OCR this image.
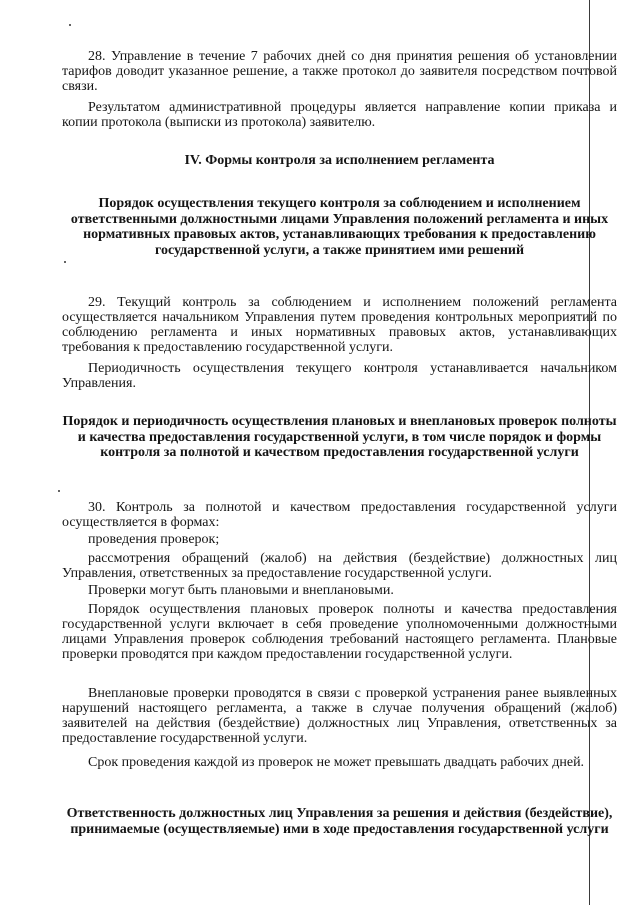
28. Управление в течение 7 рабочих дней со дня принятия решения об установлении тарифов доводит указанное решение, а также протокол до заявителя посредством почтовой связи.

Результатом административной процедуры является направление копии приказа и копии протокола (выписки из протокола) заявителю.

IV. Формы контроля за исполнением регламента
Порядок осуществления текущего контроля за соблюдением и исполнением ответственными должностными лицами Управления положений регламента и иных нормативных правовых актов, устанавливающих требования к предоставлению государственной услуги, а также принятием ими решений

29. Текущий контроль за соблюдением и исполнением положений регламента осуществляется начальником Управления путем проведения контрольных мероприятий по соблюдению регламента и иных нормативных правовых актов, устанавливающих требования к предоставлению государственной услуги.

Периодичность осуществления текущего контроля устанавливается начальником Управления.

Порядок и периодичность осуществления плановых и внеплановых проверок полноты и качества предоставления государственной услуги, в том числе порядок и формы контроля за полнотой и качеством предоставления государственной услуги

30. Контроль за полнотой и качеством предоставления государственной услуги осуществляется в формах:

проведения проверок;

рассмотрения обращений (жалоб) на действия (бездействие) должностных лиц Управления, ответственных за предоставление государственной услуги.

Проверки могут быть плановыми и внеплановыми.

Порядок осуществления плановых проверок полноты и качества предоставления государственной услуги включает в себя проведение уполномоченными должностными лицами Управления проверок соблюдения требований настоящего регламента. Плановые проверки проводятся при каждом предоставлении государственной услуги.

Внеплановые проверки проводятся в связи с проверкой устранения ранее выявленных нарушений настоящего регламента, а также в случае получения обращений (жалоб) заявителей на действия (бездействие) должностных лиц Управления, ответственных за предоставление государственной услуги.

Срок проведения каждой из проверок не может превышать двадцать рабочих дней.

Ответственность должностных лиц Управления за решения и действия (бездействие), принимаемые (осуществляемые) ими в ходе предоставления государственной услуги
